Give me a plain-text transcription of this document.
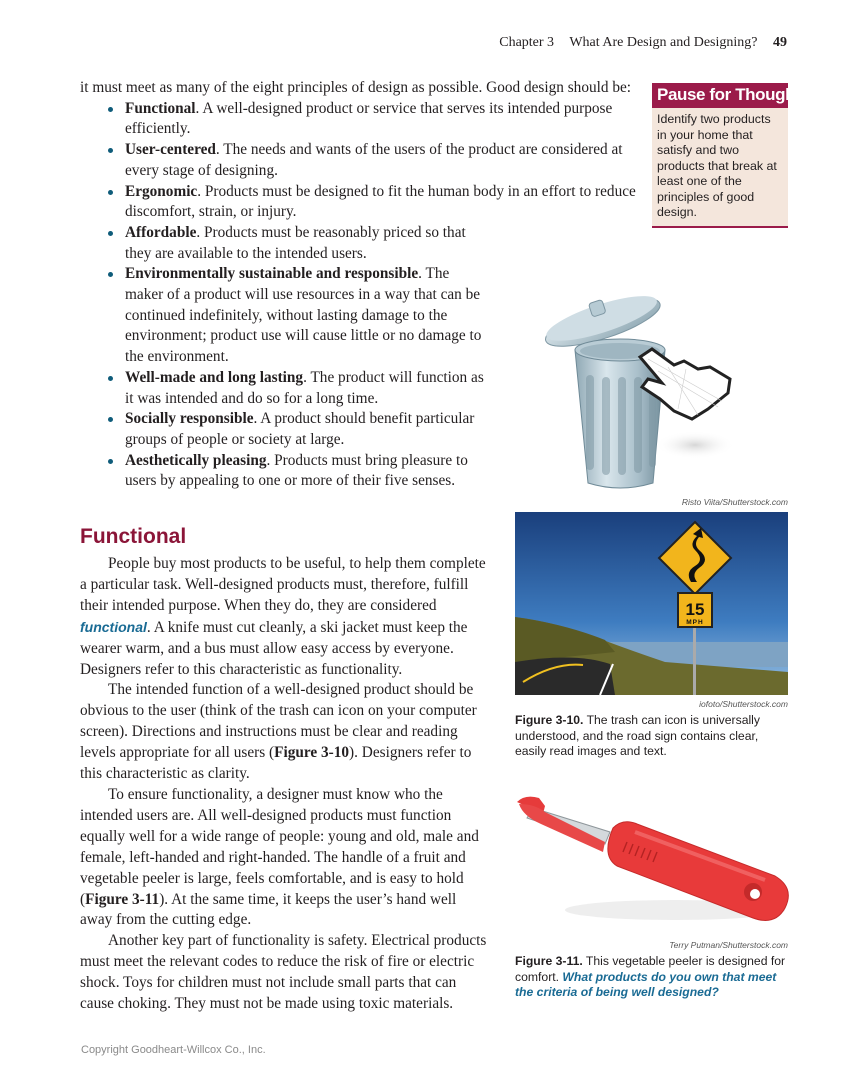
Chapter 3 What Are Design and Designing? 49

it must meet as many of the eight principles of design as possible. Good design should be:

Functional. A well-designed product or service that serves its intended purpose efficiently.
User-centered. The needs and wants of the users of the product are considered at every stage of designing.
Ergonomic. Products must be designed to fit the human body in an effort to reduce discomfort, strain, or injury.
Affordable. Products must be reasonably priced so that they are available to the intended users.
Environmentally sustainable and responsible. The maker of a product will use resources in a way that can be continued indefinitely, without lasting damage to the environment; product use will cause little or no damage to the environment.
Well-made and long lasting. The product will function as it was intended and do so for a long time.
Socially responsible. A product should benefit particular groups of people or society at large.
Aesthetically pleasing. Products must bring pleasure to users by appealing to one or more of their five senses.
Pause for Thought
Identify two products in your home that satisfy and two products that break at least one of the principles of good design.
Risto Viita/Shutterstock.com
15
MPH
iofoto/Shutterstock.com
Figure 3-10. The trash can icon is universally understood, and the road sign contains clear, easily read images and text.
Terry Putman/Shutterstock.com
Figure 3-11. This vegetable peeler is designed for comfort. What products do you own that meet the criteria of being well designed?
Functional

People buy most products to be useful, to help them complete a particular task. Well-designed products must, therefore, fulfill their intended purpose. When they do, they are considered functional. A knife must cut cleanly, a ski jacket must keep the wearer warm, and a bus must allow easy access by everyone. Designers refer to this characteristic as functionality.

The intended function of a well-designed product should be obvious to the user (think of the trash can icon on your computer screen). Directions and instructions must be clear and reading levels appropriate for all users (Figure 3-10). Designers refer to this characteristic as clarity.

To ensure functionality, a designer must know who the intended users are. All well-designed products must function equally well for a wide range of people: young and old, male and female, left-handed and right-handed. The handle of a fruit and vegetable peeler is large, feels comfortable, and is easy to hold (Figure 3-11). At the same time, it keeps the user’s hand well away from the cutting edge.

Another key part of functionality is safety. Electrical products must meet the relevant codes to reduce the risk of fire or electric shock. Toys for children must not include small parts that can cause choking. They must not be made using toxic materials.

Copyright Goodheart-Willcox Co., Inc.
